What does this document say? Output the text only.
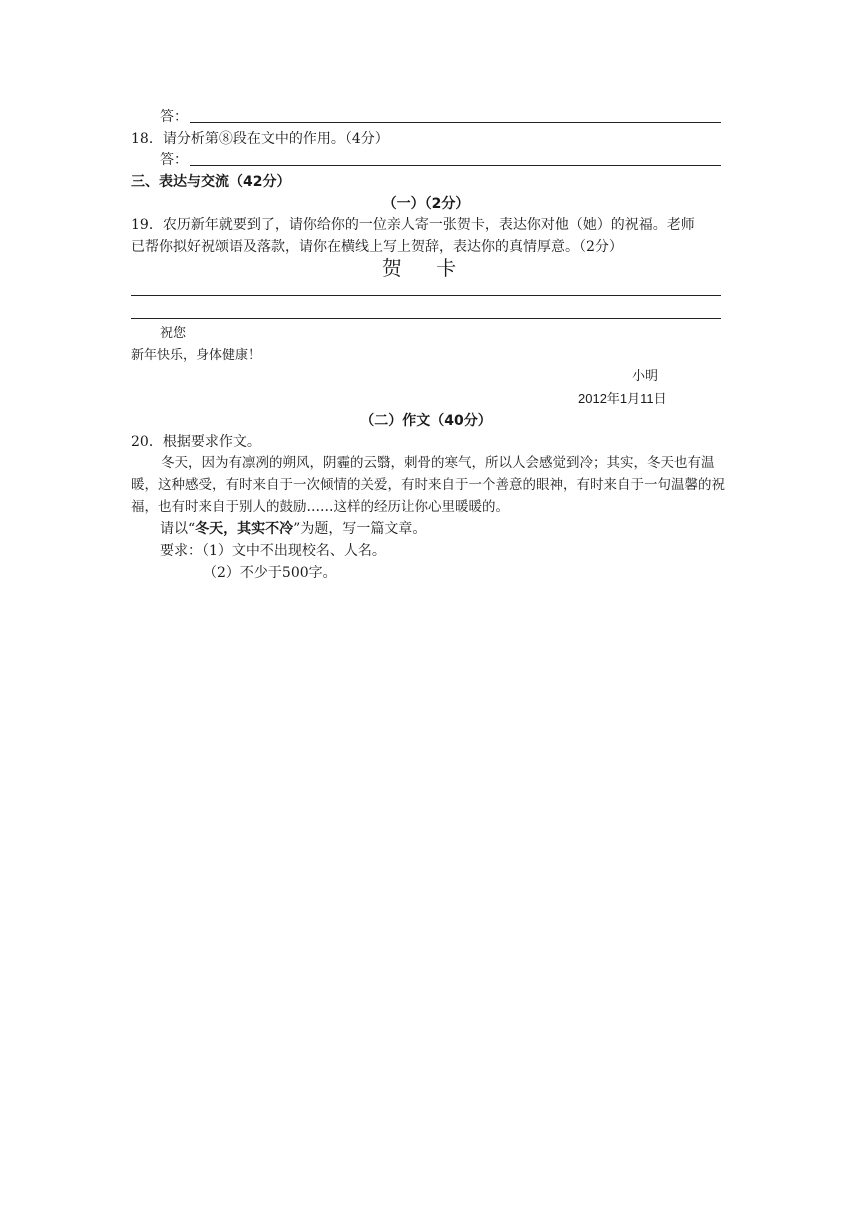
答：
18．请分析第⑧段在文中的作用。（4分）
答：
三、表达与交流（42分）
（一）（2分）
19．农历新年就要到了，请你给你的一位亲人寄一张贺卡，表达你对他（她）的祝福。老师
已帮你拟好祝颂语及落款，请你在横线上写上贺辞，表达你的真情厚意。（2分）
贺 卡
祝您
新年快乐，身体健康！
小明
2012年1月11日
（二）作文（40分）
20．根据要求作文。
冬天，因为有凛冽的朔风，阴霾的云翳，刺骨的寒气，所以人会感觉到冷；其实，冬天也有温暖，这种感受，有时来自于一次倾情的关爱，有时来自于一个善意的眼神，有时来自于一句温馨的祝福，也有时来自于别人的鼓励……这样的经历让你心里暖暖的。
请以“冬天，其实不冷”为题，写一篇文章。
要求：（1）文中不出现校名、人名。
（2）不少于500字。
